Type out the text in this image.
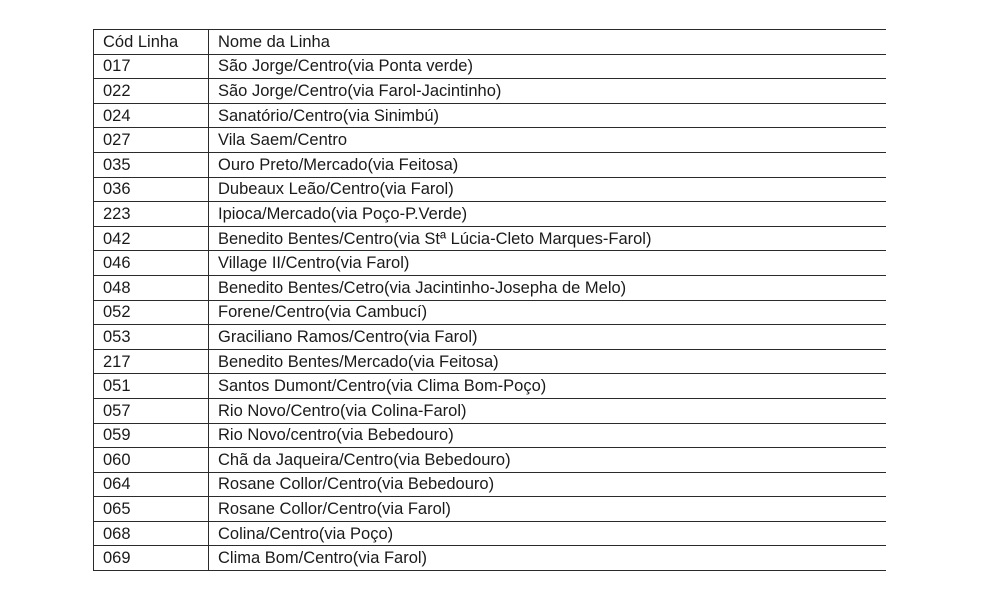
Cód Linha	Nome da Linha
017	São Jorge/Centro(via Ponta verde)
022	São Jorge/Centro(via Farol-Jacintinho)
024	Sanatório/Centro(via Sinimbú)
027	Vila Saem/Centro
035	Ouro Preto/Mercado(via Feitosa)
036	Dubeaux Leão/Centro(via Farol)
223	Ipioca/Mercado(via Poço-P.Verde)
042	Benedito Bentes/Centro(via Stª Lúcia-Cleto Marques-Farol)
046	Village II/Centro(via Farol)
048	Benedito Bentes/Cetro(via Jacintinho-Josepha de Melo)
052	Forene/Centro(via Cambucí)
053	Graciliano Ramos/Centro(via Farol)
217	Benedito Bentes/Mercado(via Feitosa)
051	Santos Dumont/Centro(via Clima Bom-Poço)
057	Rio Novo/Centro(via Colina-Farol)
059	Rio Novo/centro(via Bebedouro)
060	Chã da Jaqueira/Centro(via Bebedouro)
064	Rosane Collor/Centro(via Bebedouro)
065	Rosane Collor/Centro(via Farol)
068	Colina/Centro(via Poço)
069	Clima Bom/Centro(via Farol)
